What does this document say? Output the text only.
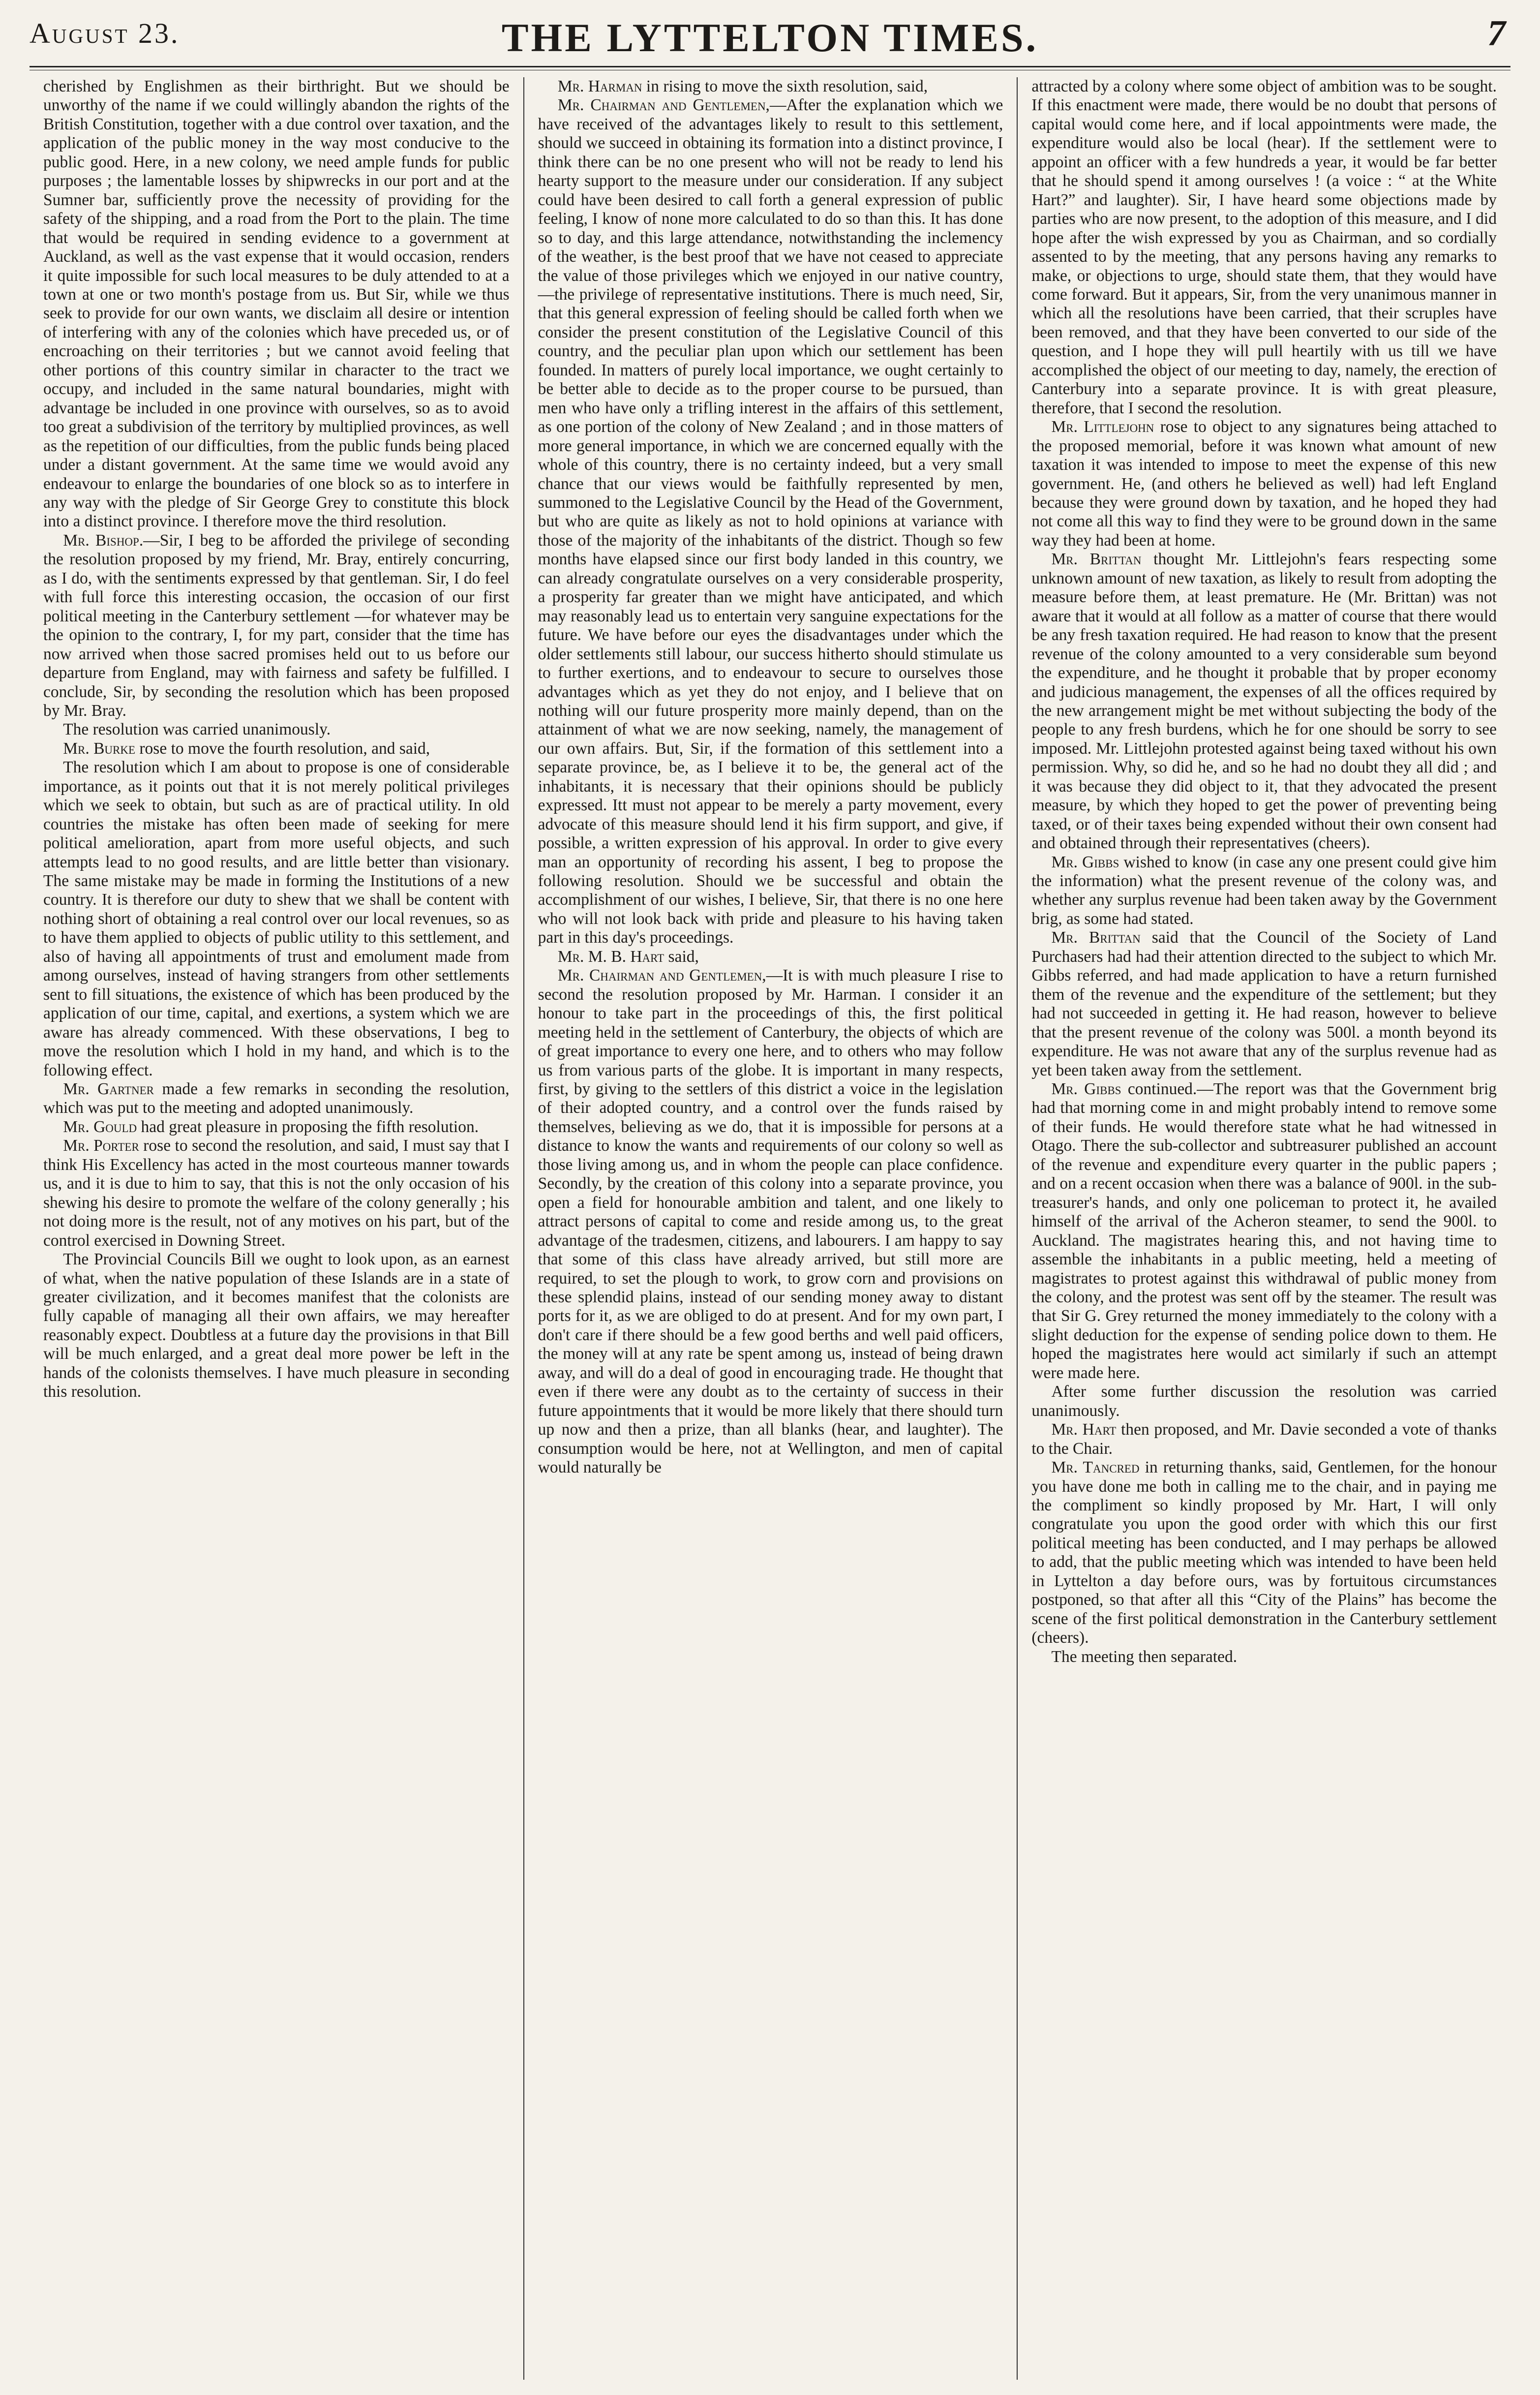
August 23.	THE LYTTELTON TIMES.	7

cherished by Englishmen as their birthright. But we should be unworthy of the name if we could willingly abandon the rights of the British Constitution, together with a due control over taxation, and the application of the public money in the way most conducive to the public good. Here, in a new colony, we need ample funds for public purposes ; the lamentable losses by shipwrecks in our port and at the Sumner bar, sufficiently prove the necessity of providing for the safety of the shipping, and a road from the Port to the plain. The time that would be required in sending evidence to a government at Auckland, as well as the vast expense that it would occasion, renders it quite impossible for such local measures to be duly attended to at a town at one or two month's postage from us. But Sir, while we thus seek to provide for our own wants, we disclaim all desire or intention of interfering with any of the colonies which have preceded us, or of encroaching on their territories ; but we cannot avoid feeling that other portions of this country similar in character to the tract we occupy, and included in the same natural boundaries, might with advantage be included in one province with ourselves, so as to avoid too great a subdivision of the territory by multiplied provinces, as well as the repetition of our difficulties, from the public funds being placed under a distant government. At the same time we would avoid any endeavour to enlarge the boundaries of one block so as to interfere in any way with the pledge of Sir George Grey to constitute this block into a distinct province. I therefore move the third resolution.

Mr. Bishop.—Sir, I beg to be afforded the privilege of seconding the resolution proposed by my friend, Mr. Bray, entirely concurring, as I do, with the sentiments expressed by that gentleman. Sir, I do feel with full force this interesting occasion, the occasion of our first political meeting in the Canterbury settlement —for whatever may be the opinion to the contrary, I, for my part, consider that the time has now arrived when those sacred promises held out to us before our departure from England, may with fairness and safety be fulfilled. I conclude, Sir, by seconding the resolution which has been proposed by Mr. Bray.

The resolution was carried unanimously.

Mr. Burke rose to move the fourth resolution, and said,

The resolution which I am about to propose is one of considerable importance, as it points out that it is not merely political privileges which we seek to obtain, but such as are of practical utility. In old countries the mistake has often been made of seeking for mere political amelioration, apart from more useful objects, and such attempts lead to no good results, and are little better than visionary. The same mistake may be made in forming the Institutions of a new country. It is therefore our duty to shew that we shall be content with nothing short of obtaining a real control over our local revenues, so as to have them applied to objects of public utility to this settlement, and also of having all appointments of trust and emolument made from among ourselves, instead of having strangers from other settlements sent to fill situations, the existence of which has been produced by the application of our time, capital, and exertions, a system which we are aware has already commenced. With these observations, I beg to move the resolution which I hold in my hand, and which is to the following effect.

Mr. Gartner made a few remarks in seconding the resolution, which was put to the meeting and adopted unanimously.

Mr. Gould had great pleasure in proposing the fifth resolution.

Mr. Porter rose to second the resolution, and said, I must say that I think His Excellency has acted in the most courteous manner towards us, and it is due to him to say, that this is not the only occasion of his shewing his desire to promote the welfare of the colony generally ; his not doing more is the result, not of any motives on his part, but of the control exercised in Downing Street.

The Provincial Councils Bill we ought to look upon, as an earnest of what, when the native population of these Islands are in a state of greater civilization, and it becomes manifest that the colonists are fully capable of managing all their own affairs, we may hereafter reasonably expect. Doubtless at a future day the provisions in that Bill will be much enlarged, and a great deal more power be left in the hands of the colonists themselves. I have much pleasure in seconding this resolution.

Mr. Harman in rising to move the sixth resolution, said,

Mr. Chairman and Gentlemen,—After the explanation which we have received of the advantages likely to result to this settlement, should we succeed in obtaining its formation into a distinct province, I think there can be no one present who will not be ready to lend his hearty support to the measure under our consideration. If any subject could have been desired to call forth a general expression of public feeling, I know of none more calculated to do so than this. It has done so to day, and this large attendance, notwithstanding the inclemency of the weather, is the best proof that we have not ceased to appreciate the value of those privileges which we enjoyed in our native country,—the privilege of representative institutions. There is much need, Sir, that this general expression of feeling should be called forth when we consider the present constitution of the Legislative Council of this country, and the peculiar plan upon which our settlement has been founded. In matters of purely local importance, we ought certainly to be better able to decide as to the proper course to be pursued, than men who have only a trifling interest in the affairs of this settlement, as one portion of the colony of New Zealand ; and in those matters of more general importance, in which we are concerned equally with the whole of this country, there is no certainty indeed, but a very small chance that our views would be faithfully represented by men, summoned to the Legislative Council by the Head of the Government, but who are quite as likely as not to hold opinions at variance with those of the majority of the inhabitants of the district. Though so few months have elapsed since our first body landed in this country, we can already congratulate ourselves on a very considerable prosperity, a prosperity far greater than we might have anticipated, and which may reasonably lead us to entertain very sanguine expectations for the future. We have before our eyes the disadvantages under which the older settlements still labour, our success hitherto should stimulate us to further exertions, and to endeavour to secure to ourselves those advantages which as yet they do not enjoy, and I believe that on nothing will our future prosperity more mainly depend, than on the attainment of what we are now seeking, namely, the management of our own affairs. But, Sir, if the formation of this settlement into a separate province, be, as I believe it to be, the general act of the inhabitants, it is necessary that their opinions should be publicly expressed. Itt must not appear to be merely a party movement, every advocate of this measure should lend it his firm support, and give, if possible, a written expression of his approval. In order to give every man an opportunity of recording his assent, I beg to propose the following resolution. Should we be successful and obtain the accomplishment of our wishes, I believe, Sir, that there is no one here who will not look back with pride and pleasure to his having taken part in this day's proceedings.

Mr. M. B. Hart said,

Mr. Chairman and Gentlemen,—It is with much pleasure I rise to second the resolution proposed by Mr. Harman. I consider it an honour to take part in the proceedings of this, the first political meeting held in the settlement of Canterbury, the objects of which are of great importance to every one here, and to others who may follow us from various parts of the globe. It is important in many respects, first, by giving to the settlers of this district a voice in the legislation of their adopted country, and a control over the funds raised by themselves, believing as we do, that it is impossible for persons at a distance to know the wants and requirements of our colony so well as those living among us, and in whom the people can place confidence. Secondly, by the creation of this colony into a separate province, you open a field for honourable ambition and talent, and one likely to attract persons of capital to come and reside among us, to the great advantage of the tradesmen, citizens, and labourers. I am happy to say that some of this class have already arrived, but still more are required, to set the plough to work, to grow corn and provisions on these splendid plains, instead of our sending money away to distant ports for it, as we are obliged to do at present. And for my own part, I don't care if there should be a few good berths and well paid officers, the money will at any rate be spent among us, instead of being drawn away, and will do a deal of good in encouraging trade. He thought that even if there were any doubt as to the certainty of success in their future appointments that it would be more likely that there should turn up now and then a prize, than all blanks (hear, and laughter). The consumption would be here, not at Wellington, and men of capital would naturally be

attracted by a colony where some object of ambition was to be sought. If this enactment were made, there would be no doubt that persons of capital would come here, and if local appointments were made, the expenditure would also be local (hear). If the settlement were to appoint an officer with a few hundreds a year, it would be far better that he should spend it among ourselves ! (a voice : “ at the White Hart?” and laughter). Sir, I have heard some objections made by parties who are now present, to the adoption of this measure, and I did hope after the wish expressed by you as Chairman, and so cordially assented to by the meeting, that any persons having any remarks to make, or objections to urge, should state them, that they would have come forward. But it appears, Sir, from the very unanimous manner in which all the resolutions have been carried, that their scruples have been removed, and that they have been converted to our side of the question, and I hope they will pull heartily with us till we have accomplished the object of our meeting to day, namely, the erection of Canterbury into a separate province. It is with great pleasure, therefore, that I second the resolution.

Mr. Littlejohn rose to object to any signatures being attached to the proposed memorial, before it was known what amount of new taxation it was intended to impose to meet the expense of this new government. He, (and others he believed as well) had left England because they were ground down by taxation, and he hoped they had not come all this way to find they were to be ground down in the same way they had been at home.

Mr. Brittan thought Mr. Littlejohn's fears respecting some unknown amount of new taxation, as likely to result from adopting the measure before them, at least premature. He (Mr. Brittan) was not aware that it would at all follow as a matter of course that there would be any fresh taxation required. He had reason to know that the present revenue of the colony amounted to a very considerable sum beyond the expenditure, and he thought it probable that by proper economy and judicious management, the expenses of all the offices required by the new arrangement might be met without subjecting the body of the people to any fresh burdens, which he for one should be sorry to see imposed. Mr. Littlejohn protested against being taxed without his own permission. Why, so did he, and so he had no doubt they all did ; and it was because they did object to it, that they advocated the present measure, by which they hoped to get the power of preventing being taxed, or of their taxes being expended without their own consent had and obtained through their representatives (cheers).

Mr. Gibbs wished to know (in case any one present could give him the information) what the present revenue of the colony was, and whether any surplus revenue had been taken away by the Government brig, as some had stated.

Mr. Brittan said that the Council of the Society of Land Purchasers had had their attention directed to the subject to which Mr. Gibbs referred, and had made application to have a return furnished them of the revenue and the expenditure of the settlement; but they had not succeeded in getting it. He had reason, however to believe that the present revenue of the colony was 500l. a month beyond its expenditure. He was not aware that any of the surplus revenue had as yet been taken away from the settlement.

Mr. Gibbs continued.—The report was that the Government brig had that morning come in and might probably intend to remove some of their funds. He would therefore state what he had witnessed in Otago. There the sub-collector and subtreasurer published an account of the revenue and expenditure every quarter in the public papers ; and on a recent occasion when there was a balance of 900l. in the sub-treasurer's hands, and only one policeman to protect it, he availed himself of the arrival of the Acheron steamer, to send the 900l. to Auckland. The magistrates hearing this, and not having time to assemble the inhabitants in a public meeting, held a meeting of magistrates to protest against this withdrawal of public money from the colony, and the protest was sent off by the steamer. The result was that Sir G. Grey returned the money immediately to the colony with a slight deduction for the expense of sending police down to them. He hoped the magistrates here would act similarly if such an attempt were made here.

After some further discussion the resolution was carried unanimously.

Mr. Hart then proposed, and Mr. Davie seconded a vote of thanks to the Chair.

Mr. Tancred in returning thanks, said, Gentlemen, for the honour you have done me both in calling me to the chair, and in paying me the compliment so kindly proposed by Mr. Hart, I will only congratulate you upon the good order with which this our first political meeting has been conducted, and I may perhaps be allowed to add, that the public meeting which was intended to have been held in Lyttelton a day before ours, was by fortuitous circumstances postponed, so that after all this “City of the Plains” has become the scene of the first political demonstration in the Canterbury settlement (cheers).

The meeting then separated.
